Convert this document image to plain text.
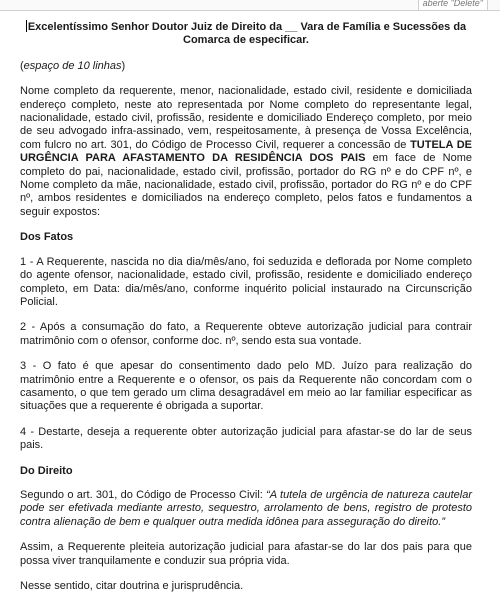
aberte "Delete"
Excelentíssimo Senhor Doutor Juiz de Direito da __ Vara de Família e Sucessões da Comarca de especificar.
(espaço de 10 linhas)

Nome completo da requerente, menor, nacionalidade, estado civil, residente e domiciliada endereço completo, neste ato representada por Nome completo do representante legal, nacionalidade, estado civil, profissão, residente e domiciliado Endereço completo, por meio de seu advogado infra-assinado, vem, respeitosamente, à presença de Vossa Excelência, com fulcro no art. 301, do Código de Processo Civil, requerer a concessão de TUTELA DE URGÊNCIA PARA AFASTAMENTO DA RESIDÊNCIA DOS PAIS em face de Nome completo do pai, nacionalidade, estado civil, profissão, portador do RG nº e do CPF nº, e Nome completo da mãe, nacionalidade, estado civil, profissão, portador do RG nº e do CPF nº, ambos residentes e domiciliados na endereço completo, pelos fatos e fundamentos a seguir expostos:

Dos Fatos

1 - A Requerente, nascida no dia dia/mês/ano, foi seduzida e deflorada por Nome completo do agente ofensor, nacionalidade, estado civil, profissão, residente e domiciliado endereço completo, em Data: dia/mês/ano, conforme inquérito policial instaurado na Circunscrição Policial.

2 - Após a consumação do fato, a Requerente obteve autorização judicial para contrair matrimônio com o ofensor, conforme doc. nº, sendo esta sua vontade.

3 - O fato é que apesar do consentimento dado pelo MD. Juízo para realização do matrimônio entre a Requerente e o ofensor, os pais da Requerente não concordam com o casamento, o que tem gerado um clima desagradável em meio ao lar familiar especificar as situações que a requerente é obrigada a suportar.

4 - Destarte, deseja a requerente obter autorização judicial para afastar-se do lar de seus pais.

Do Direito

Segundo o art. 301, do Código de Processo Civil: “A tutela de urgência de natureza cautelar pode ser efetivada mediante arresto, sequestro, arrolamento de bens, registro de protesto contra alienação de bem e qualquer outra medida idônea para asseguração do direito.”

Assim, a Requerente pleiteia autorização judicial para afastar-se do lar dos pais para que possa viver tranquilamente e conduzir sua própria vida.

Nesse sentido, citar doutrina e jurisprudência.
